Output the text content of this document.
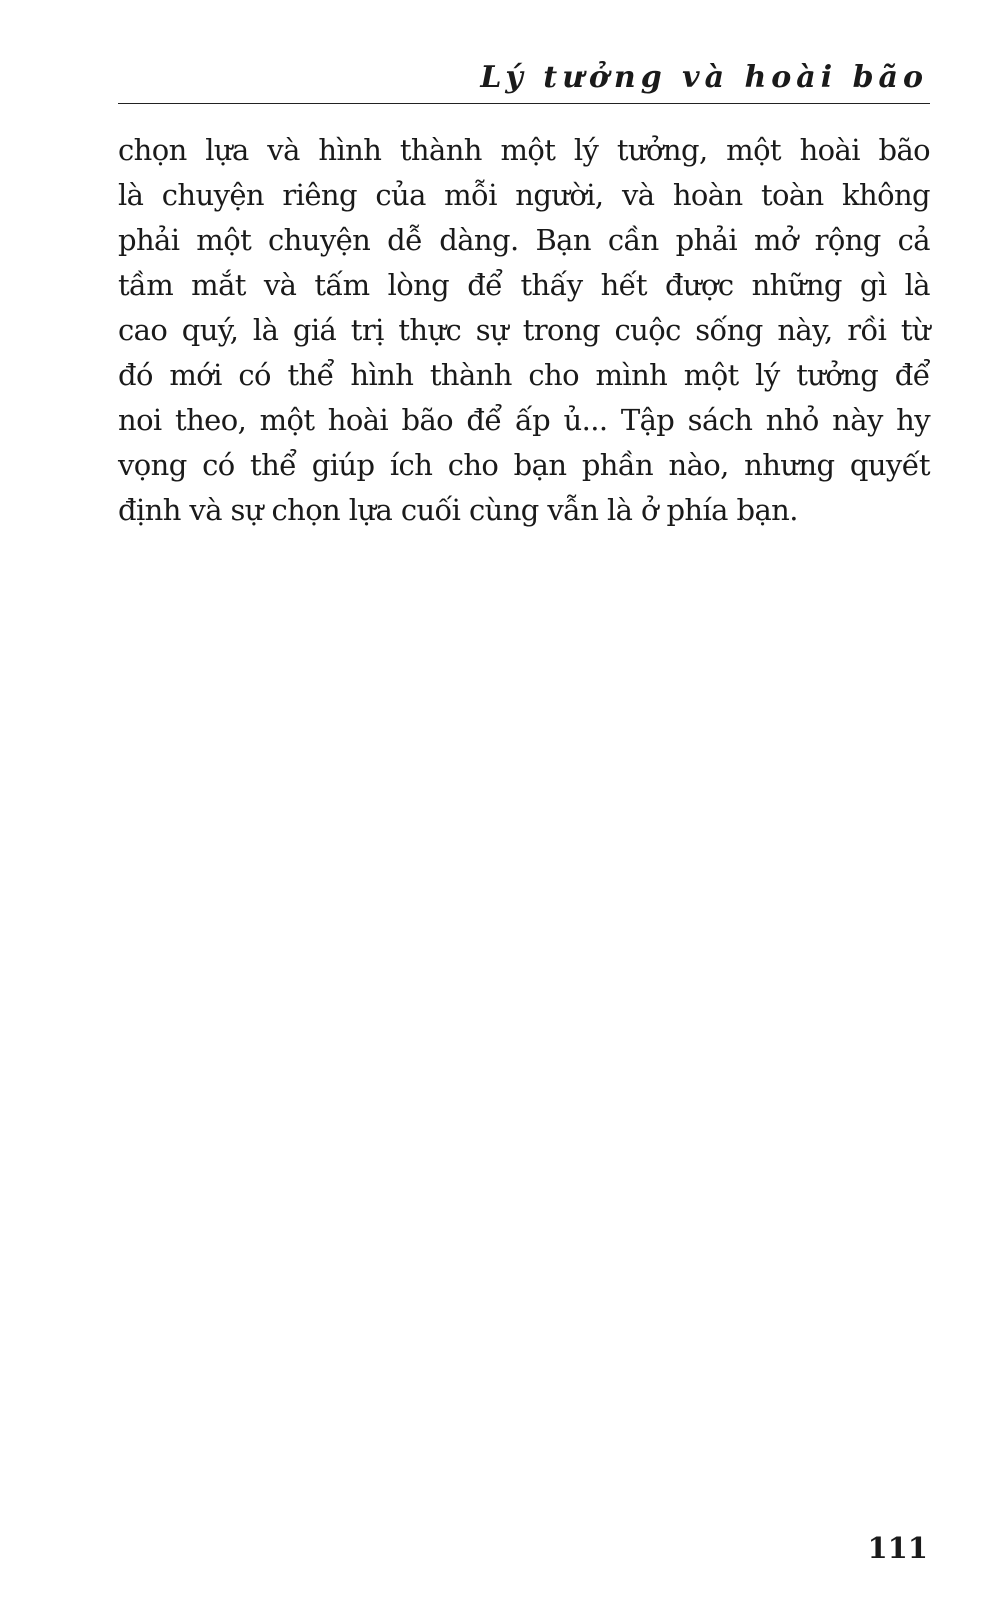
Lý tưởng và hoài bão
chọn lựa và hình thành một lý tưởng, một hoài bão
là chuyện riêng của mỗi người, và hoàn toàn không
phải một chuyện dễ dàng. Bạn cần phải mở rộng cả
tầm mắt và tấm lòng để thấy hết được những gì là
cao quý, là giá trị thực sự trong cuộc sống này, rồi từ
đó mới có thể hình thành cho mình một lý tưởng để
noi theo, một hoài bão để ấp ủ... Tập sách nhỏ này hy
vọng có thể giúp ích cho bạn phần nào, nhưng quyết
định và sự chọn lựa cuối cùng vẫn là ở phía bạn.
111
